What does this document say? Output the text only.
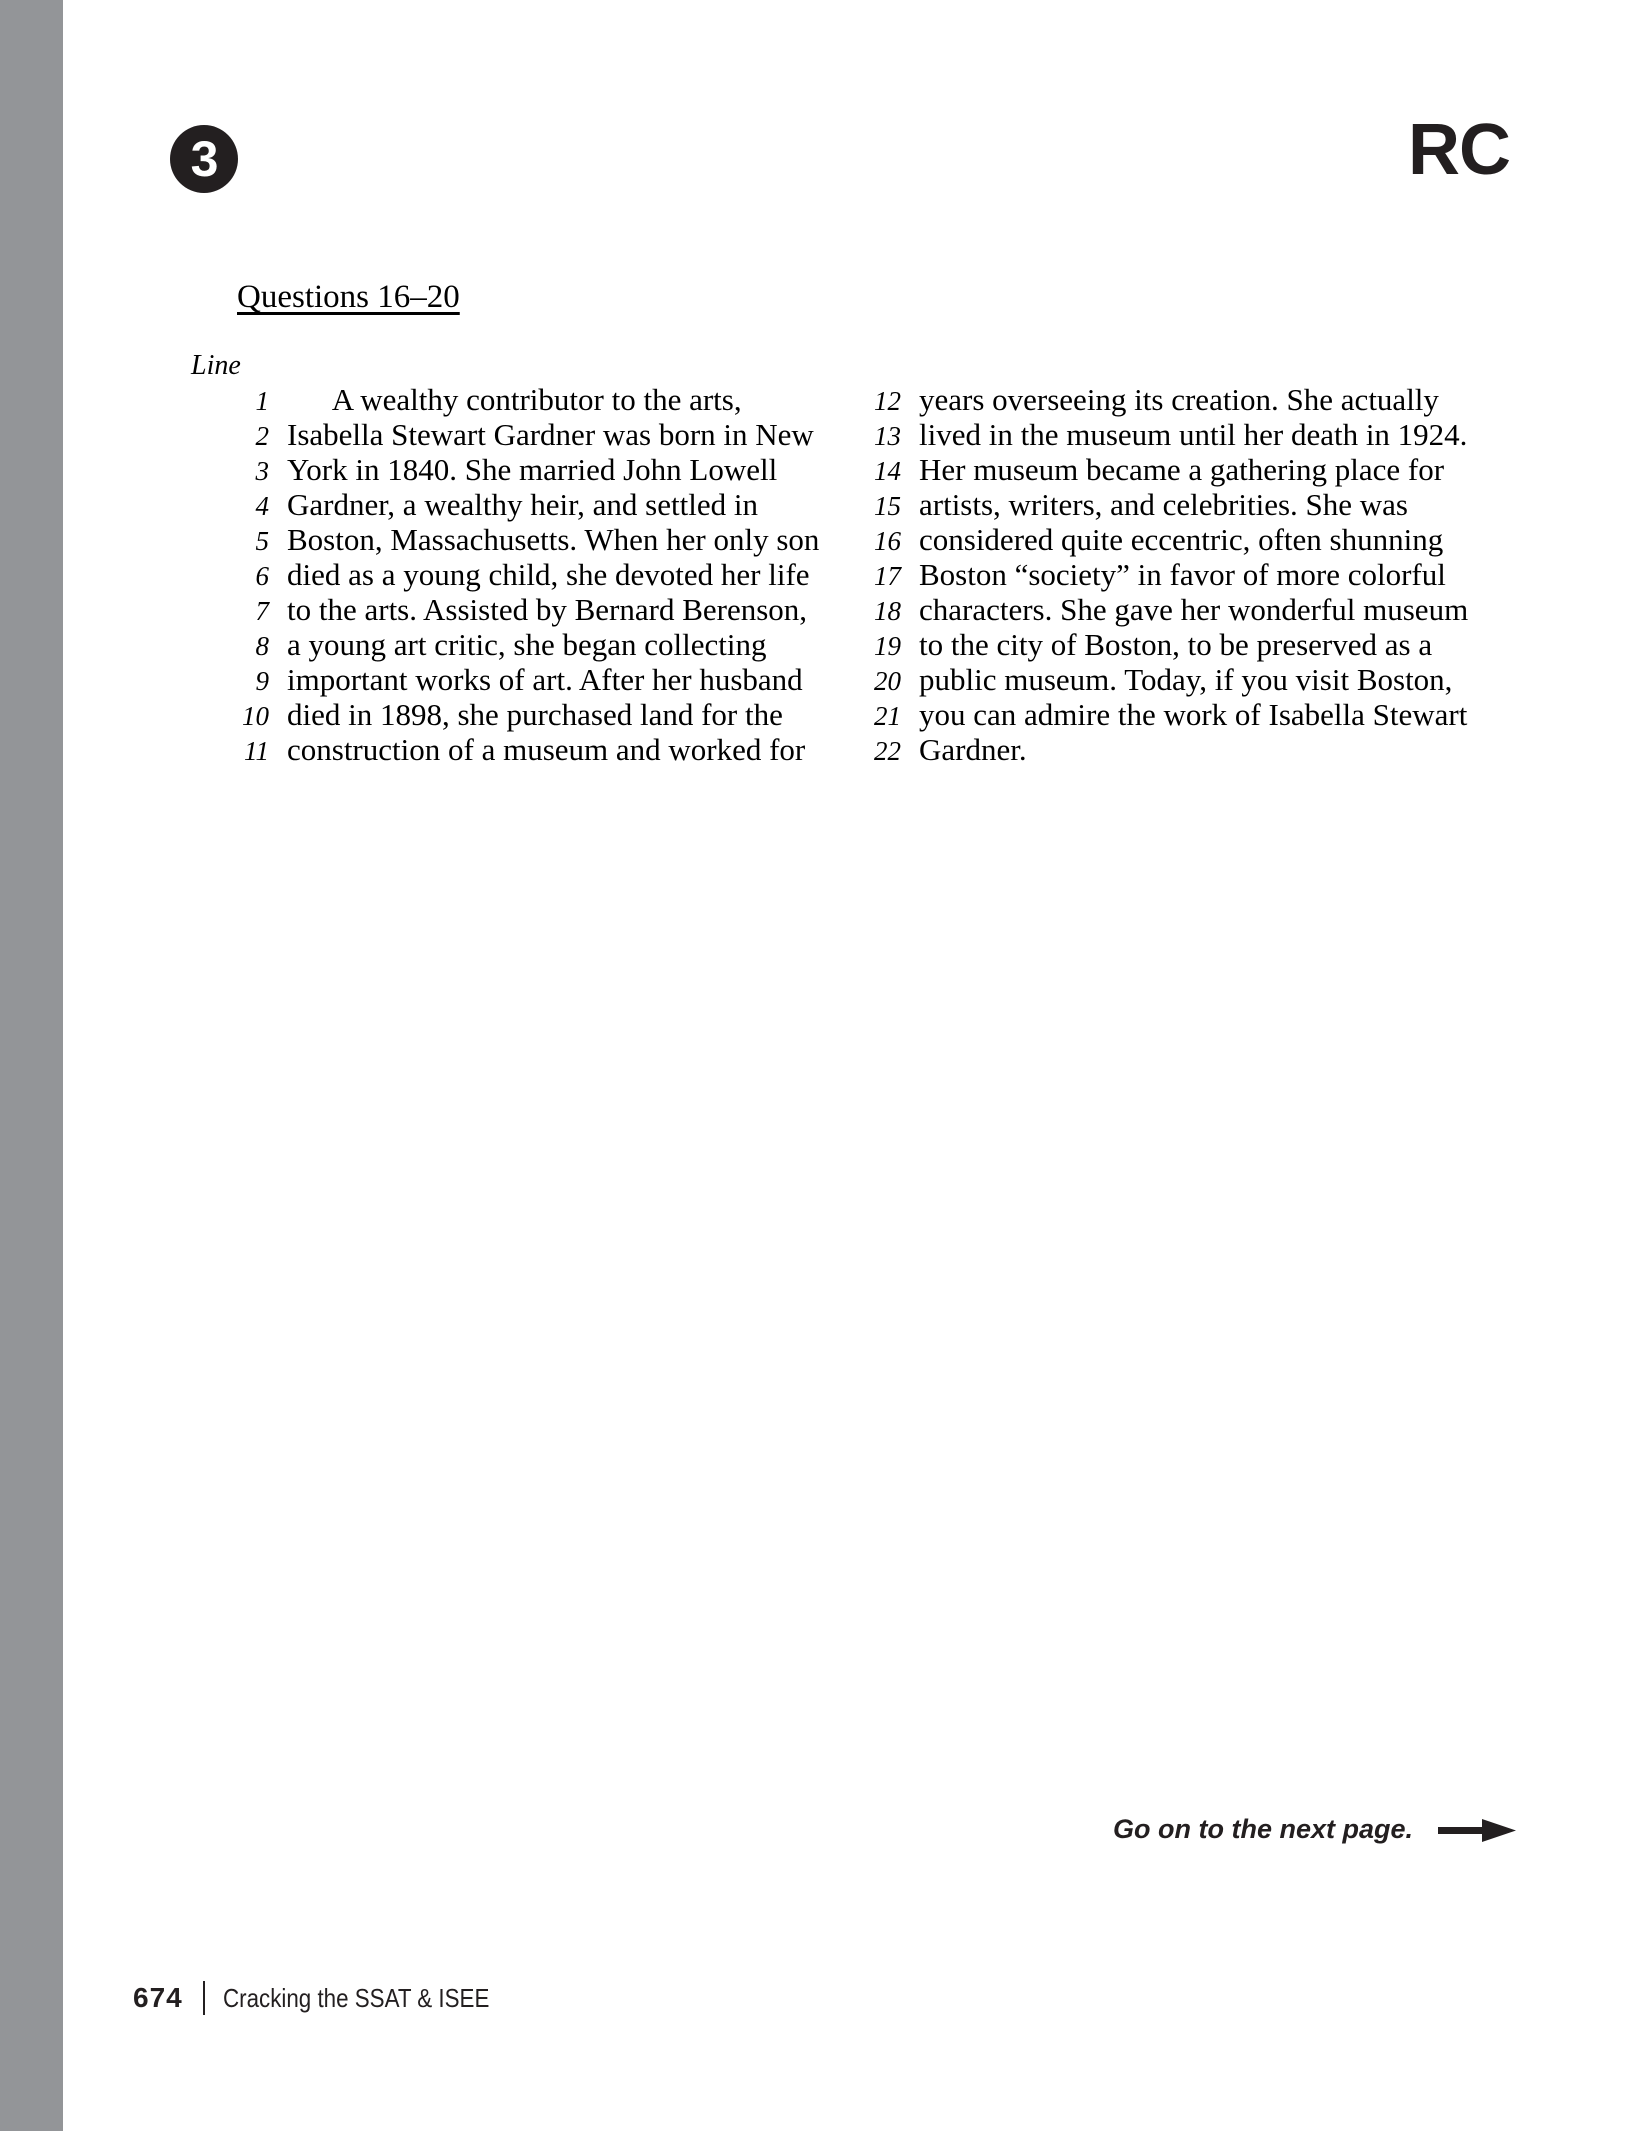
3	RC
Questions 16–20
Line
1 A wealthy contributor to the arts,
2 Isabella Stewart Gardner was born in New
3 York in 1840. She married John Lowell
4 Gardner, a wealthy heir, and settled in
5 Boston, Massachusetts. When her only son
6 died as a young child, she devoted her life
7 to the arts. Assisted by Bernard Berenson,
8 a young art critic, she began collecting
9 important works of art. After her husband
10 died in 1898, she purchased land for the
11 construction of a museum and worked for
12 years overseeing its creation. She actually
13 lived in the museum until her death in 1924.
14 Her museum became a gathering place for
15 artists, writers, and celebrities. She was
16 considered quite eccentric, often shunning
17 Boston “society” in favor of more colorful
18 characters. She gave her wonderful museum
19 to the city of Boston, to be preserved as a
20 public museum. Today, if you visit Boston,
21 you can admire the work of Isabella Stewart
22 Gardner.
Go on to the next page.
674 Cracking the SSAT & ISEE
